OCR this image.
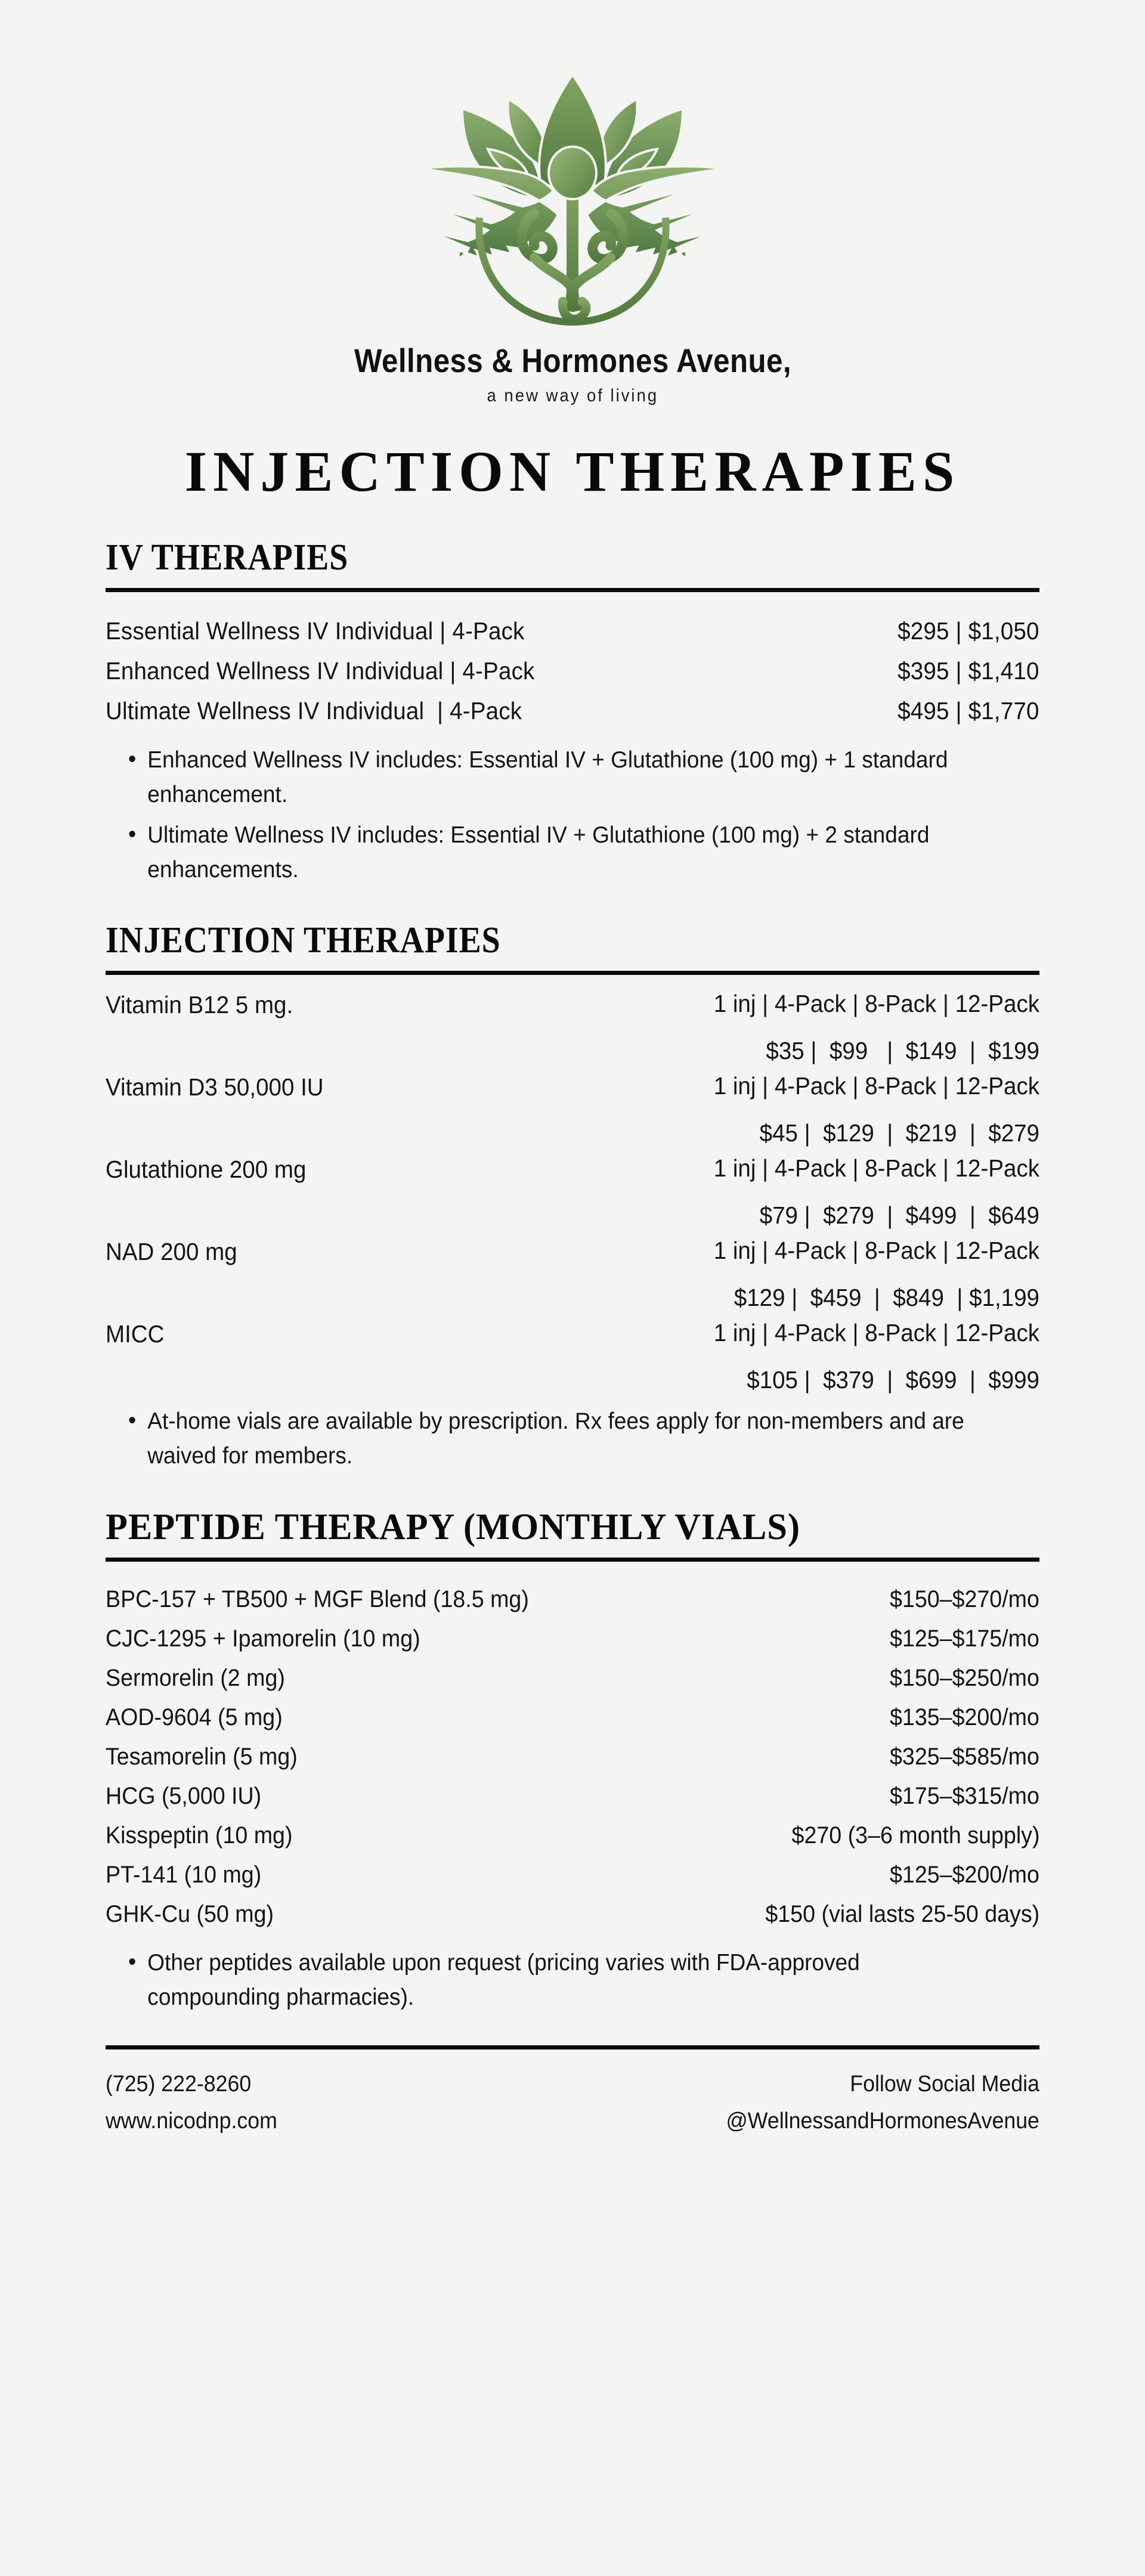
Wellness & Hormones Avenue,
a new way of living
INJECTION THERAPIES
IV THERAPIES
Essential Wellness IV Individual | 4-Pack	$295 | $1,050
Enhanced Wellness IV Individual | 4-Pack	$395 | $1,410
Ultimate Wellness IV Individual  | 4-Pack	$495 | $1,770
• Enhanced Wellness IV includes: Essential IV + Glutathione (100 mg) + 1 standard enhancement.
• Ultimate Wellness IV includes: Essential IV + Glutathione (100 mg) + 2 standard enhancements.
INJECTION THERAPIES
Vitamin B12 5 mg.	1 inj | 4-Pack | 8-Pack | 12-Pack
$35 |  $99   |  $149  |  $199
Vitamin D3 50,000 IU	1 inj | 4-Pack | 8-Pack | 12-Pack
$45 |  $129  |  $219  |  $279
Glutathione 200 mg	1 inj | 4-Pack | 8-Pack | 12-Pack
$79 |  $279  |  $499  |  $649
NAD 200 mg	1 inj | 4-Pack | 8-Pack | 12-Pack
$129 |  $459  |  $849  | $1,199
MICC	1 inj | 4-Pack | 8-Pack | 12-Pack
$105 |  $379  |  $699  |  $999
• At-home vials are available by prescription. Rx fees apply for non-members and are waived for members.
PEPTIDE THERAPY (MONTHLY VIALS)
BPC-157 + TB500 + MGF Blend (18.5 mg)	$150–$270/mo
CJC-1295 + Ipamorelin (10 mg)	$125–$175/mo
Sermorelin (2 mg)	$150–$250/mo
AOD-9604 (5 mg)	$135–$200/mo
Tesamorelin (5 mg)	$325–$585/mo
HCG (5,000 IU)	$175–$315/mo
Kisspeptin (10 mg)	$270 (3–6 month supply)
PT-141 (10 mg)	$125–$200/mo
GHK-Cu (50 mg)	$150 (vial lasts 25-50 days)
• Other peptides available upon request (pricing varies with FDA-approved compounding pharmacies).
(725) 222-8260
www.nicodnp.com
Follow Social Media
@WellnessandHormonesAvenue
